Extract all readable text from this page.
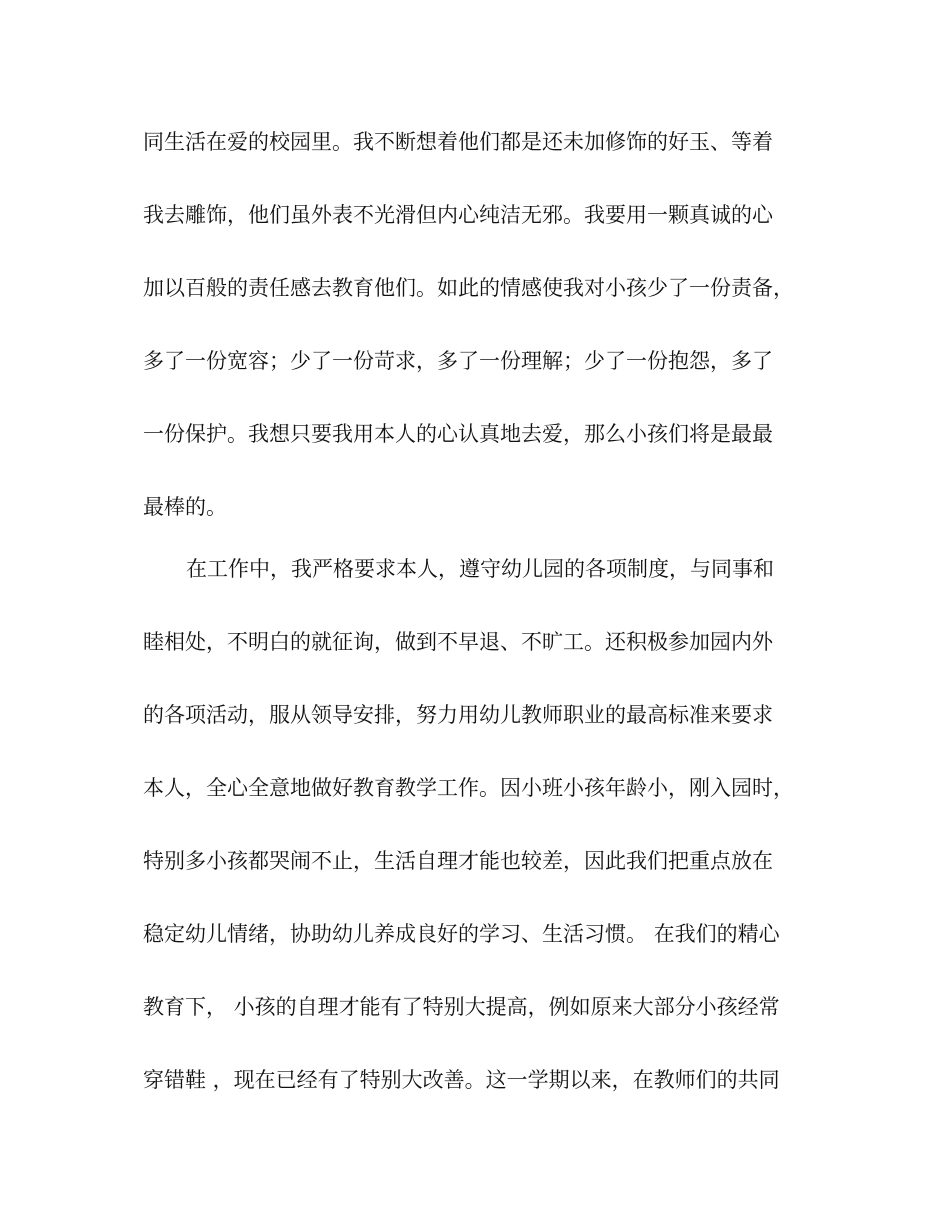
同生活在爱的校园里。我不断想着他们都是还未加修饰的好玉、等着
我去雕饰，他们虽外表不光滑但内心纯洁无邪。我要用一颗真诚的心
加以百般的责任感去教育他们。如此的情感使我对小孩少了一份责备，
多了一份宽容；少了一份苛求，多了一份理解；少了一份抱怨，多了
一份保护。我想只要我用本人的心认真地去爱，那么小孩们将是最最
最棒的。
在工作中，我严格要求本人，遵守幼儿园的各项制度，与同事和
睦相处，不明白的就征询，做到不早退、不旷工。还积极参加园内外
的各项活动，服从领导安排，努力用幼儿教师职业的最高标准来要求
本人，全心全意地做好教育教学工作。因小班小孩年龄小，刚入园时，
特别多小孩都哭闹不止，生活自理才能也较差，因此我们把重点放在
稳定幼儿情绪，协助幼儿养成良好的学习、生活习惯。 在我们的精心
教育下， 小孩的自理才能有了特别大提高，例如原来大部分小孩经常
穿错鞋 ，现在已经有了特别大改善。这一学期以来，在教师们的共同
